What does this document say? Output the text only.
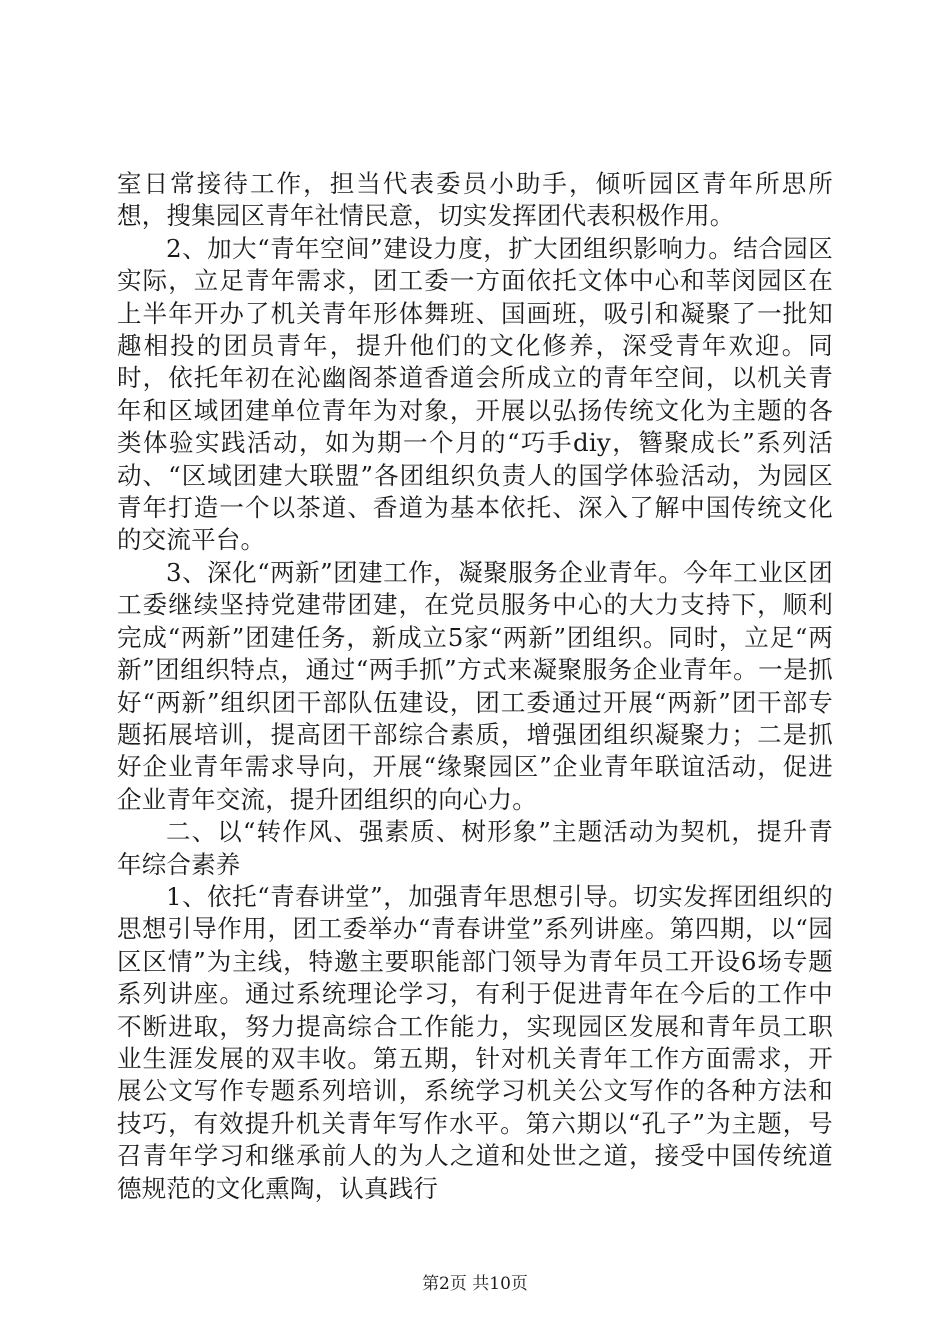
室日常接待工作，担当代表委员小助手，倾听园区青年所思所想，搜集园区青年社情民意，切实发挥团代表积极作用。

2、加大“青年空间”建设力度，扩大团组织影响力。结合园区实际，立足青年需求，团工委一方面依托文体中心和莘闵园区在上半年开办了机关青年形体舞班、国画班，吸引和凝聚了一批知趣相投的团员青年，提升他们的文化修养，深受青年欢迎。同时，依托年初在沁幽阁茶道香道会所成立的青年空间，以机关青年和区域团建单位青年为对象，开展以弘扬传统文化为主题的各类体验实践活动，如为期一个月的“巧手diy，簪聚成长”系列活动、“区域团建大联盟”各团组织负责人的国学体验活动，为园区青年打造一个以茶道、香道为基本依托、深入了解中国传统文化的交流平台。

3、深化“两新”团建工作，凝聚服务企业青年。今年工业区团工委继续坚持党建带团建，在党员服务中心的大力支持下，顺利完成“两新”团建任务，新成立5家“两新”团组织。同时，立足“两新”团组织特点，通过“两手抓”方式来凝聚服务企业青年。一是抓好“两新”组织团干部队伍建设，团工委通过开展“两新”团干部专题拓展培训，提高团干部综合素质，增强团组织凝聚力；二是抓好企业青年需求导向，开展“缘聚园区”企业青年联谊活动，促进企业青年交流，提升团组织的向心力。

二、以“转作风、强素质、树形象”主题活动为契机，提升青年综合素养

1、依托“青春讲堂”，加强青年思想引导。切实发挥团组织的思想引导作用，团工委举办“青春讲堂”系列讲座。第四期，以“园区区情”为主线，特邀主要职能部门领导为青年员工开设6场专题系列讲座。通过系统理论学习，有利于促进青年在今后的工作中不断进取，努力提高综合工作能力，实现园区发展和青年员工职业生涯发展的双丰收。第五期，针对机关青年工作方面需求，开展公文写作专题系列培训，系统学习机关公文写作的各种方法和技巧，有效提升机关青年写作水平。第六期以“孔子”为主题，号召青年学习和继承前人的为人之道和处世之道，接受中国传统道德规范的文化熏陶，认真践行

第2页 共10页
